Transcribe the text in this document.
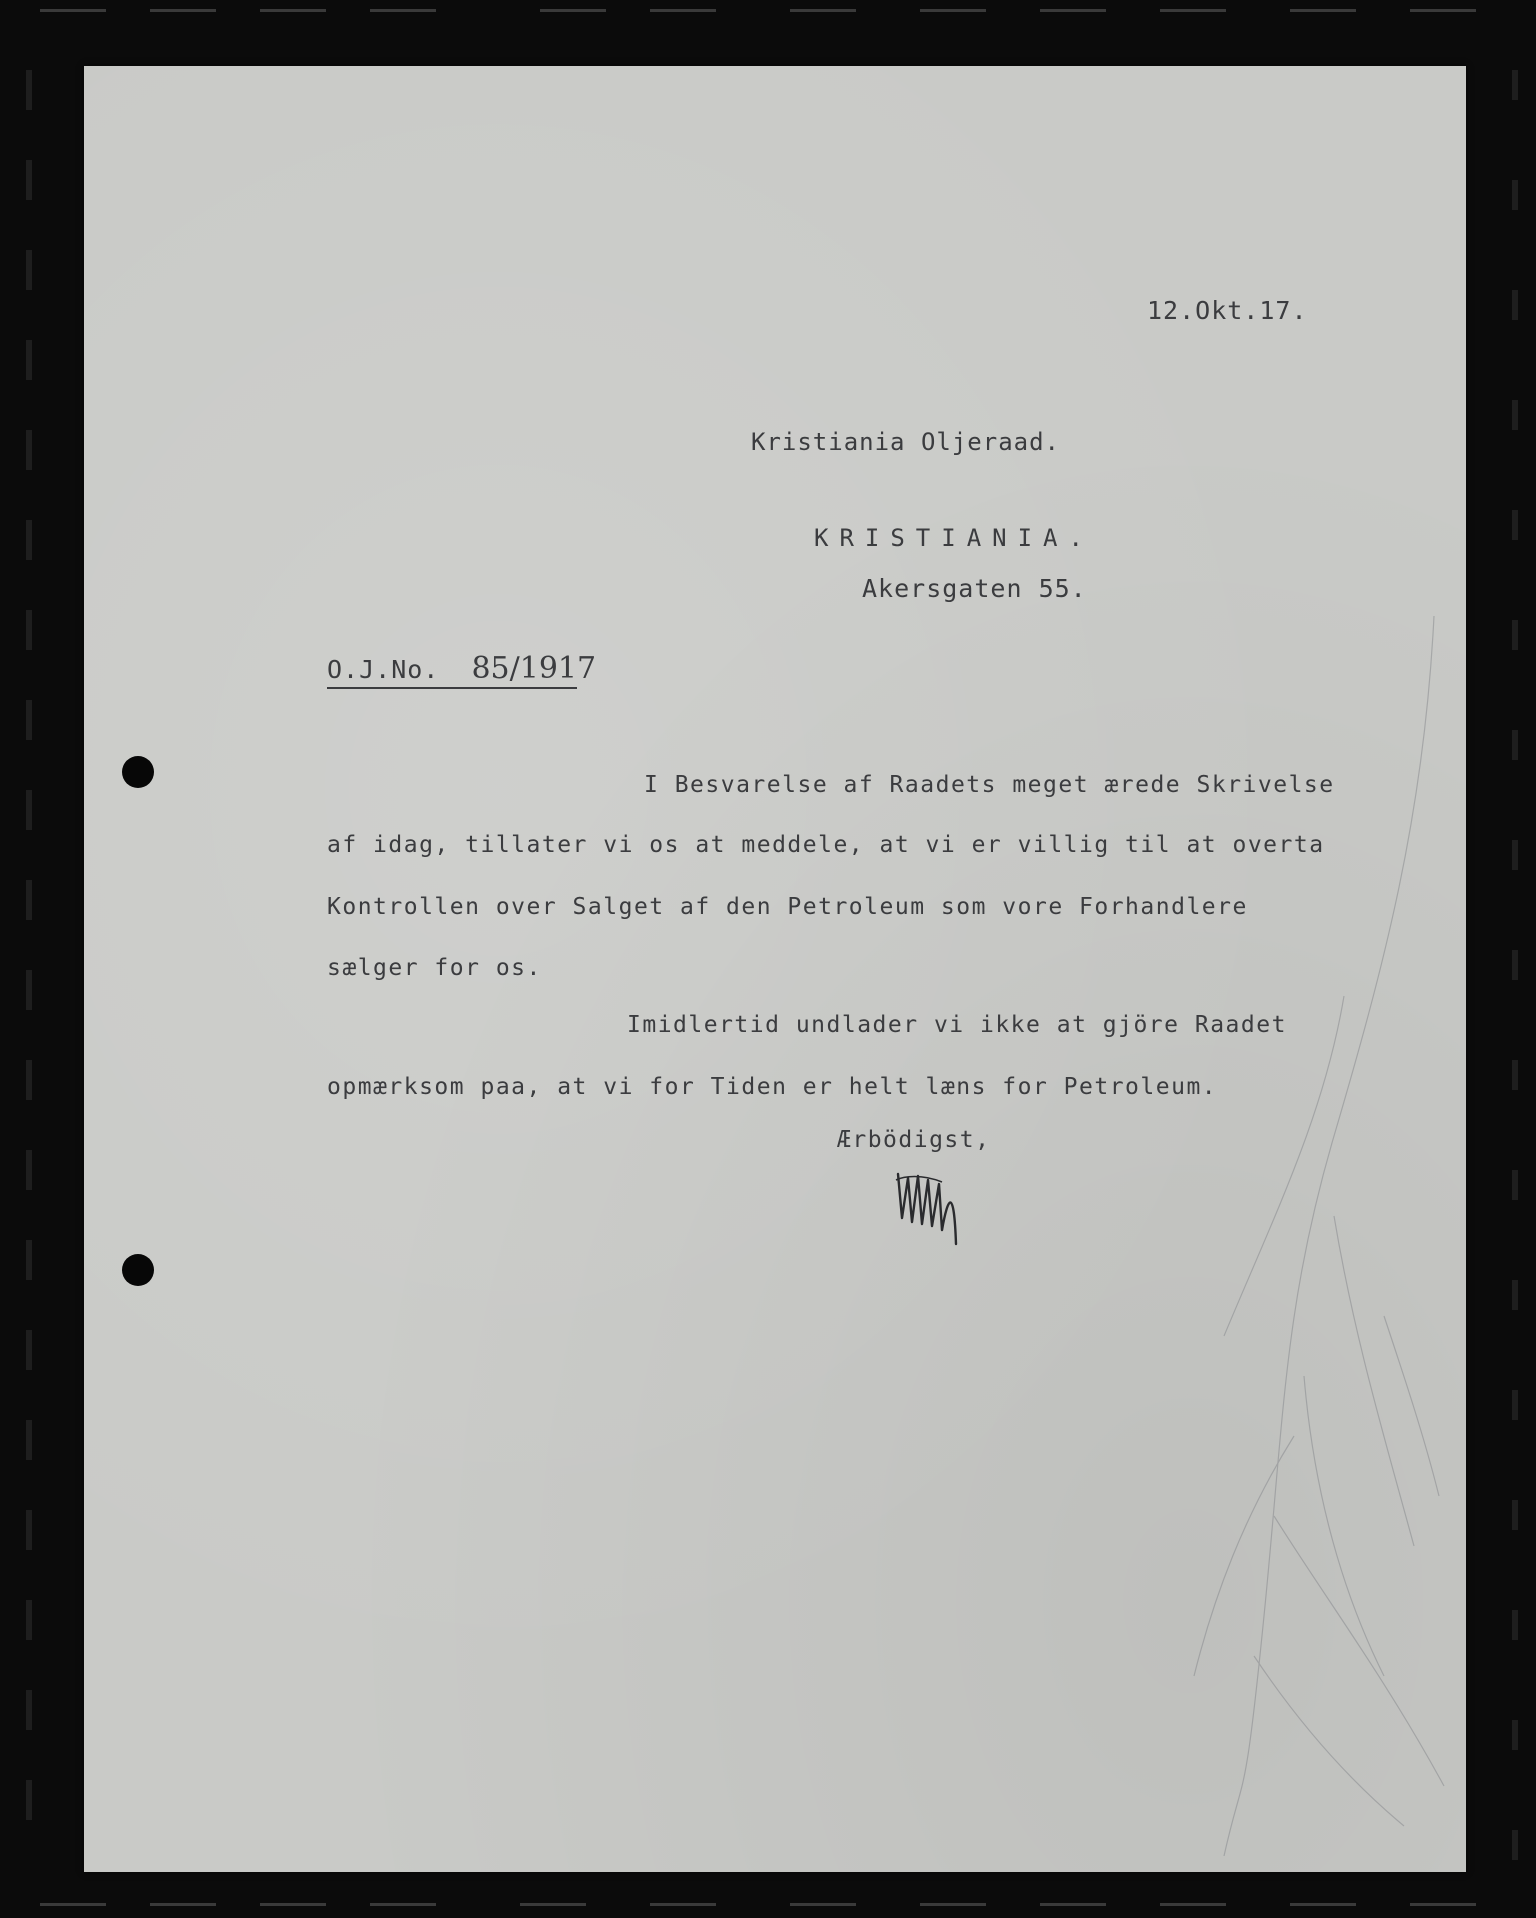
12.Okt.17.
Kristiania Oljeraad.
KRISTIANIA.
Akersgaten 55.
O.J.No. 85/1917
I Besvarelse af Raadets meget ærede Skrivelse
af idag, tillater vi os at meddele, at vi er villig til at overta
Kontrollen over Salget af den Petroleum som vore Forhandlere
sælger for os.
Imidlertid undlader vi ikke at gjöre Raadet
opmærksom paa, at vi for Tiden er helt læns for Petroleum.
Ærbödigst,
